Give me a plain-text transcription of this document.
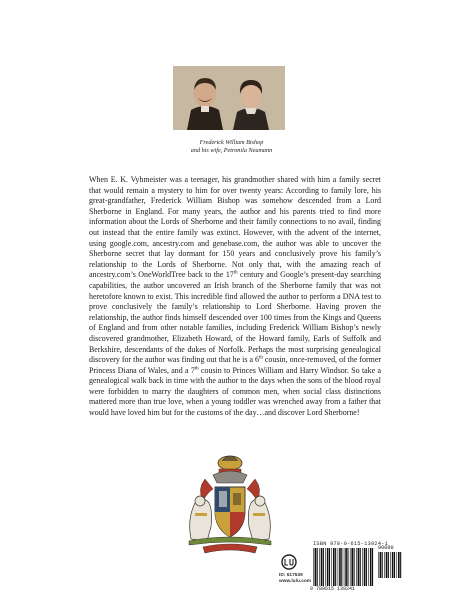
Frederick William Bishop
and his wife, Petronila Neumann

When E. K. Vyhmeister was a teenager, his grandmother shared with him a family secret that would remain a mystery to him for over twenty years: According to family lore, his great-grandfather, Frederick William Bishop was somehow descended from a Lord Sherborne in England. For many years, the author and his parents tried to find more information about the Lords of Sherborne and their family connections to no avail, finding out instead that the entire family was extinct. However, with the advent of the internet, using google.com, ancestry.com and genebase.com, the author was able to uncover the Sherborne secret that lay dormant for 150 years and conclusively prove his family’s relationship to the Lords of Sherborne. Not only that, with the amazing reach of ancestry.com’s OneWorldTree back to the 17th century and Google’s present-day searching capabilities, the author uncovered an Irish branch of the Sherborne family that was not heretofore known to exist. This incredible find allowed the author to perform a DNA test to prove conclusively the family’s relationship to Lord Sherborne. Having proven the relationship, the author finds himself descended over 100 times from the Kings and Queens of England and from other notable families, including Frederick William Bishop’s newly discovered grandmother, Elizabeth Howard, of the Howard family, Earls of Suffolk and Berkshire, descendants of the dukes of Norfolk. Perhaps the most surprising genealogical discovery for the author was finding out that he is a 6th cousin, once-removed, of the former Princess Diana of Wales, and a 7th cousin to Princes William and Harry Windsor. So take a genealogical walk back in time with the author to the days when the sons of the blood royal were forbidden to marry the daughters of common men, when social class distinctions mattered more than true love, when a young toddler was wrenched away from a father that would have loved him but for the customs of the day…and discover Lord Sherborne!

ID: 617539
www.lulu.com
ISBN 978-0-615-13924-1
90000
9 780615 139241
